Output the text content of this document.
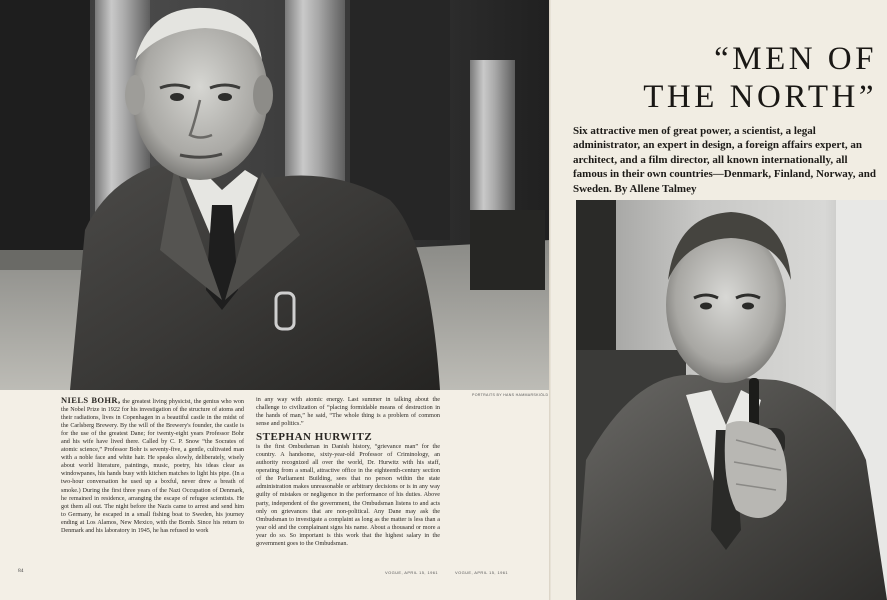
PORTRAITS BY HANS HAMMARSKIÖLD
NIELS BOHR, the greatest living physicist, the genius who won the Nobel Prize in 1922 for his investigation of the structure of atoms and their radiations, lives in Copenhagen in a beautiful castle in the midst of the Carlsberg Brewery. By the will of the Brewery's founder, the castle is for the use of the greatest Dane; for twenty-eight years Professor Bohr and his wife have lived there. Called by C. P. Snow “the Socrates of atomic science,” Professor Bohr is seventy-five, a gentle, cultivated man with a noble face and white hair. He speaks slowly, deliberately, wisely about world literature, paintings, music, poetry, his ideas clear as windowpanes, his hands busy with kitchen matches to light his pipe. (In a two-hour conversation he used up a boxful, never drew a breath of smoke.) During the first three years of the Nazi Occupation of Denmark, he remained in residence, arranging the escape of refugee scientists. He got them all out. The night before the Nazis came to arrest and send him to Germany, he escaped in a small fishing boat to Sweden, his journey ending at Los Alamos, New Mexico, with the Bomb. Since his return to Denmark and his laboratory in 1945, he has refused to work

in any way with atomic energy. Last summer in talking about the challenge to civilization of “placing formidable means of destruction in the hands of man,” he said, “The whole thing is a problem of common sense and politics.”

STEPHAN HURWITZ
is the first Ombudsman in Danish history, “grievance man” for the country. A handsome, sixty-year-old Professor of Criminology, an authority recognized all over the world, Dr. Hurwitz with his staff, operating from a small, attractive office in the eighteenth-century section of the Parliament Building, sees that no person within the state administration makes unreasonable or arbitrary decisions or is in any way guilty of mistakes or negligence in the performance of his duties. Above party, independent of the government, the Ombudsman listens to and acts only on grievances that are non-political. Any Dane may ask the Ombudsman to investigate a complaint as long as the matter is less than a year old and the complainant signs his name. About a thousand or more a year do so. So important is this work that the highest salary in the government goes to the Ombudsman.

84	VOGUE, APRIL 15, 1961	VOGUE, APRIL 15, 1961
“MEN OF
THE NORTH”
Six attractive men of great power, a scientist, a legal administrator, an expert in design, a foreign affairs expert, an architect, and a film director, all known internationally, all famous in their own countries—Denmark, Finland, Norway, and Sweden. By Allene Talmey
